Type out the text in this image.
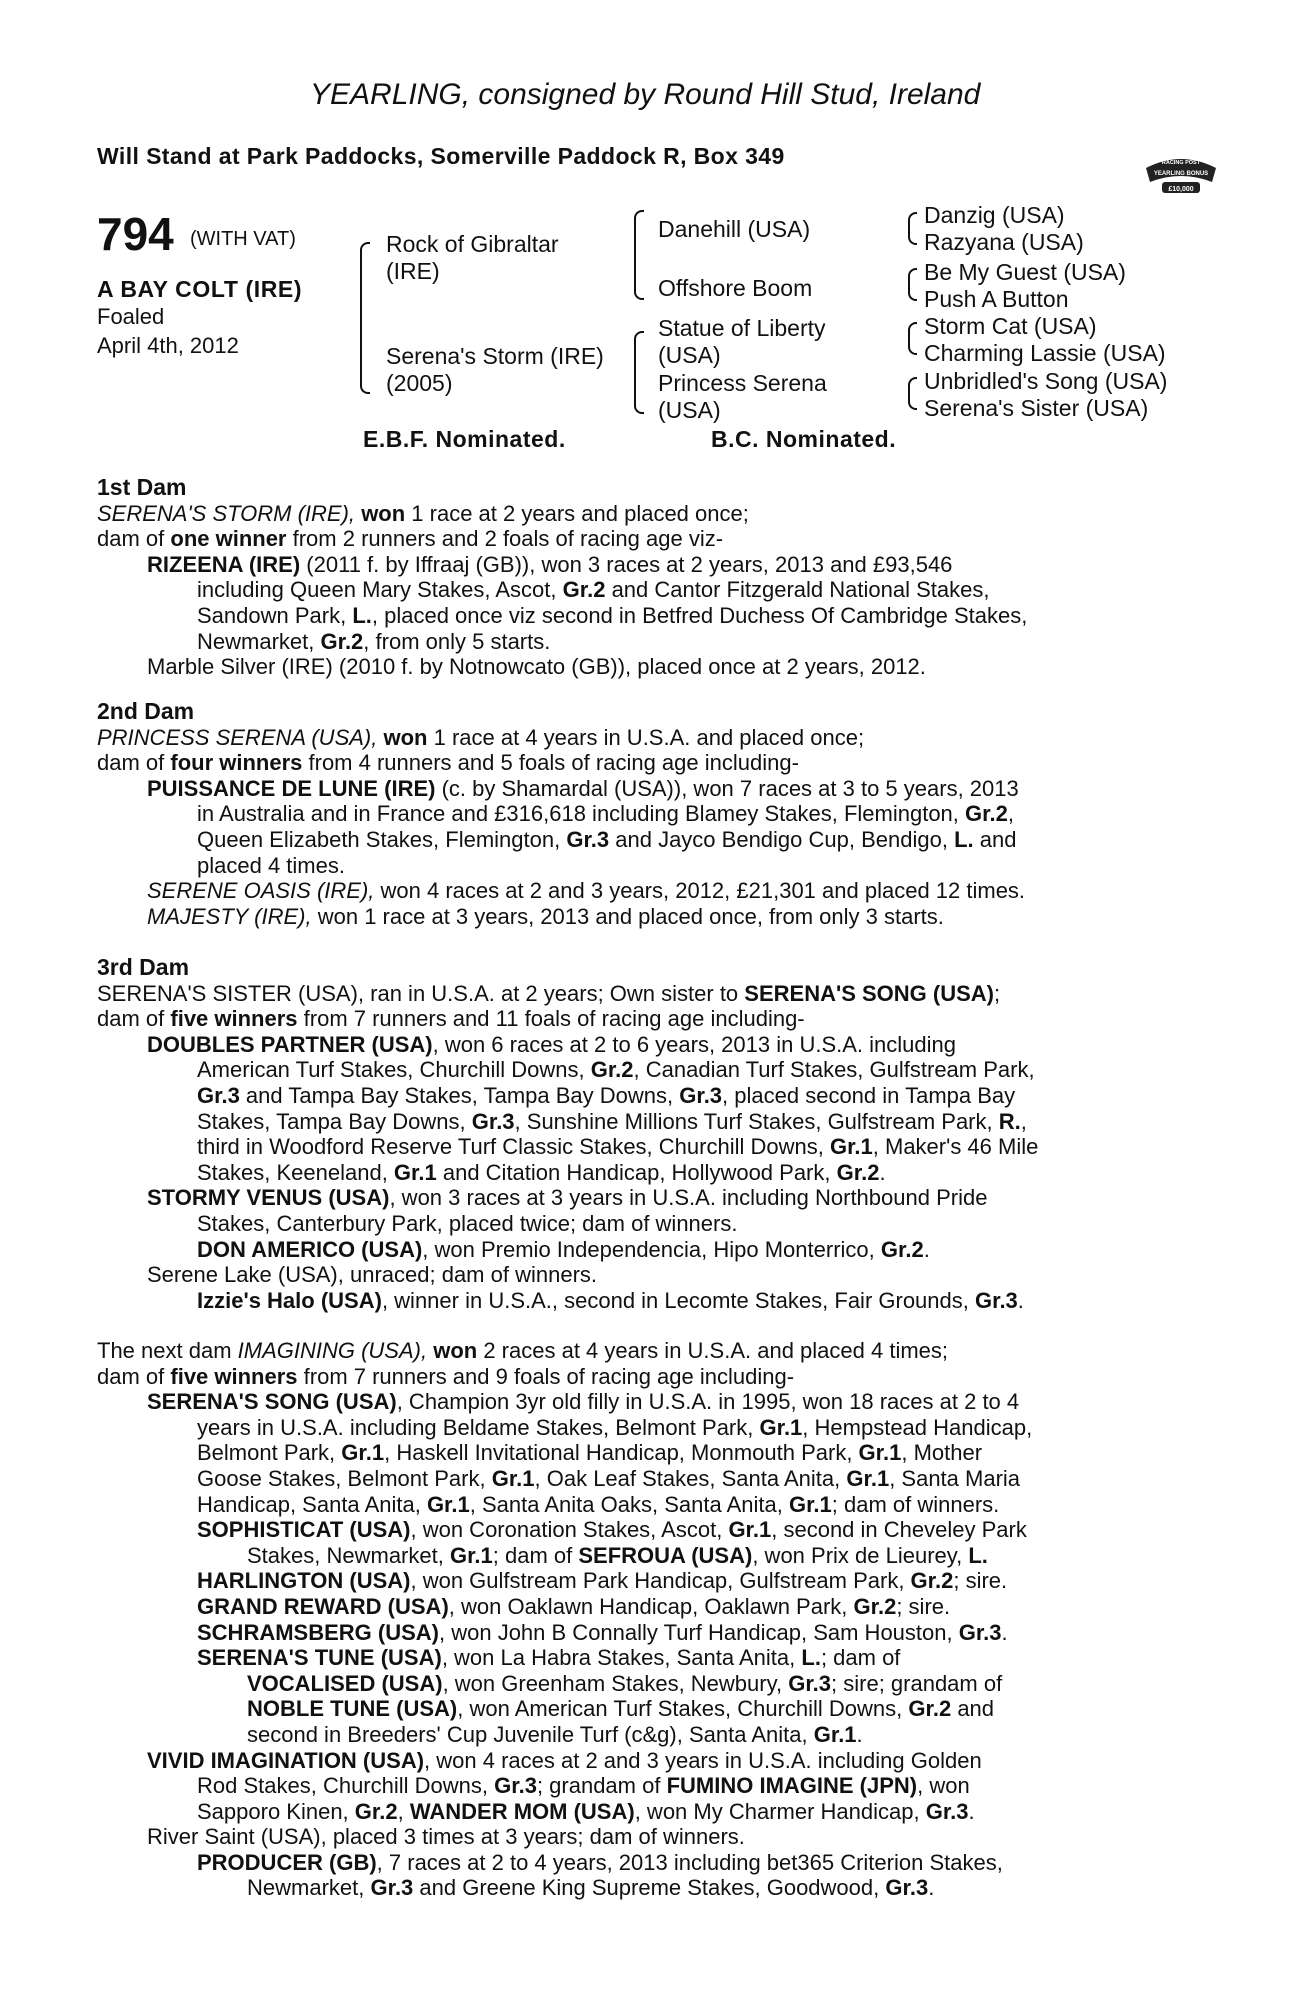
YEARLING, consigned by Round Hill Stud, Ireland
Will Stand at Park Paddocks, Somerville Paddock R, Box 349	RACING POST
YEARLING BONUS
£10,000
794 (WITH VAT)
A BAY COLT (IRE)
Foaled
April 4th, 2012
Rock of Gibraltar
(IRE)
Serena's Storm (IRE)
(2005)
Danehill (USA)
Offshore Boom
Statue of Liberty
(USA)
Princess Serena
(USA)
Danzig (USA)
Razyana (USA)
Be My Guest (USA)
Push A Button
Storm Cat (USA)
Charming Lassie (USA)
Unbridled's Song (USA)
Serena's Sister (USA)
E.B.F. Nominated.	B.C. Nominated.

1st Dam

SERENA'S STORM (IRE), won 1 race at 2 years and placed once;

dam of one winner from 2 runners and 2 foals of racing age viz-

RIZEENA (IRE) (2011 f. by Iffraaj (GB)), won 3 races at 2 years, 2013 and £93,546

including Queen Mary Stakes, Ascot, Gr.2 and Cantor Fitzgerald National Stakes,

Sandown Park, L., placed once viz second in Betfred Duchess Of Cambridge Stakes,

Newmarket, Gr.2, from only 5 starts.

Marble Silver (IRE) (2010 f. by Notnowcato (GB)), placed once at 2 years, 2012.

2nd Dam

PRINCESS SERENA (USA), won 1 race at 4 years in U.S.A. and placed once;

dam of four winners from 4 runners and 5 foals of racing age including-

PUISSANCE DE LUNE (IRE) (c. by Shamardal (USA)), won 7 races at 3 to 5 years, 2013

in Australia and in France and £316,618 including Blamey Stakes, Flemington, Gr.2,

Queen Elizabeth Stakes, Flemington, Gr.3 and Jayco Bendigo Cup, Bendigo, L. and

placed 4 times.

SERENE OASIS (IRE), won 4 races at 2 and 3 years, 2012, £21,301 and placed 12 times.

MAJESTY (IRE), won 1 race at 3 years, 2013 and placed once, from only 3 starts.

3rd Dam

SERENA'S SISTER (USA), ran in U.S.A. at 2 years; Own sister to SERENA'S SONG (USA);

dam of five winners from 7 runners and 11 foals of racing age including-

DOUBLES PARTNER (USA), won 6 races at 2 to 6 years, 2013 in U.S.A. including

American Turf Stakes, Churchill Downs, Gr.2, Canadian Turf Stakes, Gulfstream Park,

Gr.3 and Tampa Bay Stakes, Tampa Bay Downs, Gr.3, placed second in Tampa Bay

Stakes, Tampa Bay Downs, Gr.3, Sunshine Millions Turf Stakes, Gulfstream Park, R.,

third in Woodford Reserve Turf Classic Stakes, Churchill Downs, Gr.1, Maker's 46 Mile

Stakes, Keeneland, Gr.1 and Citation Handicap, Hollywood Park, Gr.2.

STORMY VENUS (USA), won 3 races at 3 years in U.S.A. including Northbound Pride

Stakes, Canterbury Park, placed twice; dam of winners.

DON AMERICO (USA), won Premio Independencia, Hipo Monterrico, Gr.2.

Serene Lake (USA), unraced; dam of winners.

Izzie's Halo (USA), winner in U.S.A., second in Lecomte Stakes, Fair Grounds, Gr.3.

The next dam IMAGINING (USA), won 2 races at 4 years in U.S.A. and placed 4 times;

dam of five winners from 7 runners and 9 foals of racing age including-

SERENA'S SONG (USA), Champion 3yr old filly in U.S.A. in 1995, won 18 races at 2 to 4

years in U.S.A. including Beldame Stakes, Belmont Park, Gr.1, Hempstead Handicap,

Belmont Park, Gr.1, Haskell Invitational Handicap, Monmouth Park, Gr.1, Mother

Goose Stakes, Belmont Park, Gr.1, Oak Leaf Stakes, Santa Anita, Gr.1, Santa Maria

Handicap, Santa Anita, Gr.1, Santa Anita Oaks, Santa Anita, Gr.1; dam of winners.

SOPHISTICAT (USA), won Coronation Stakes, Ascot, Gr.1, second in Cheveley Park

Stakes, Newmarket, Gr.1; dam of SEFROUA (USA), won Prix de Lieurey, L.

HARLINGTON (USA), won Gulfstream Park Handicap, Gulfstream Park, Gr.2; sire.

GRAND REWARD (USA), won Oaklawn Handicap, Oaklawn Park, Gr.2; sire.

SCHRAMSBERG (USA), won John B Connally Turf Handicap, Sam Houston, Gr.3.

SERENA'S TUNE (USA), won La Habra Stakes, Santa Anita, L.; dam of

VOCALISED (USA), won Greenham Stakes, Newbury, Gr.3; sire; grandam of

NOBLE TUNE (USA), won American Turf Stakes, Churchill Downs, Gr.2 and

second in Breeders' Cup Juvenile Turf (c&g), Santa Anita, Gr.1.

VIVID IMAGINATION (USA), won 4 races at 2 and 3 years in U.S.A. including Golden

Rod Stakes, Churchill Downs, Gr.3; grandam of FUMINO IMAGINE (JPN), won

Sapporo Kinen, Gr.2, WANDER MOM (USA), won My Charmer Handicap, Gr.3.

River Saint (USA), placed 3 times at 3 years; dam of winners.

PRODUCER (GB), 7 races at 2 to 4 years, 2013 including bet365 Criterion Stakes,

Newmarket, Gr.3 and Greene King Supreme Stakes, Goodwood, Gr.3.
